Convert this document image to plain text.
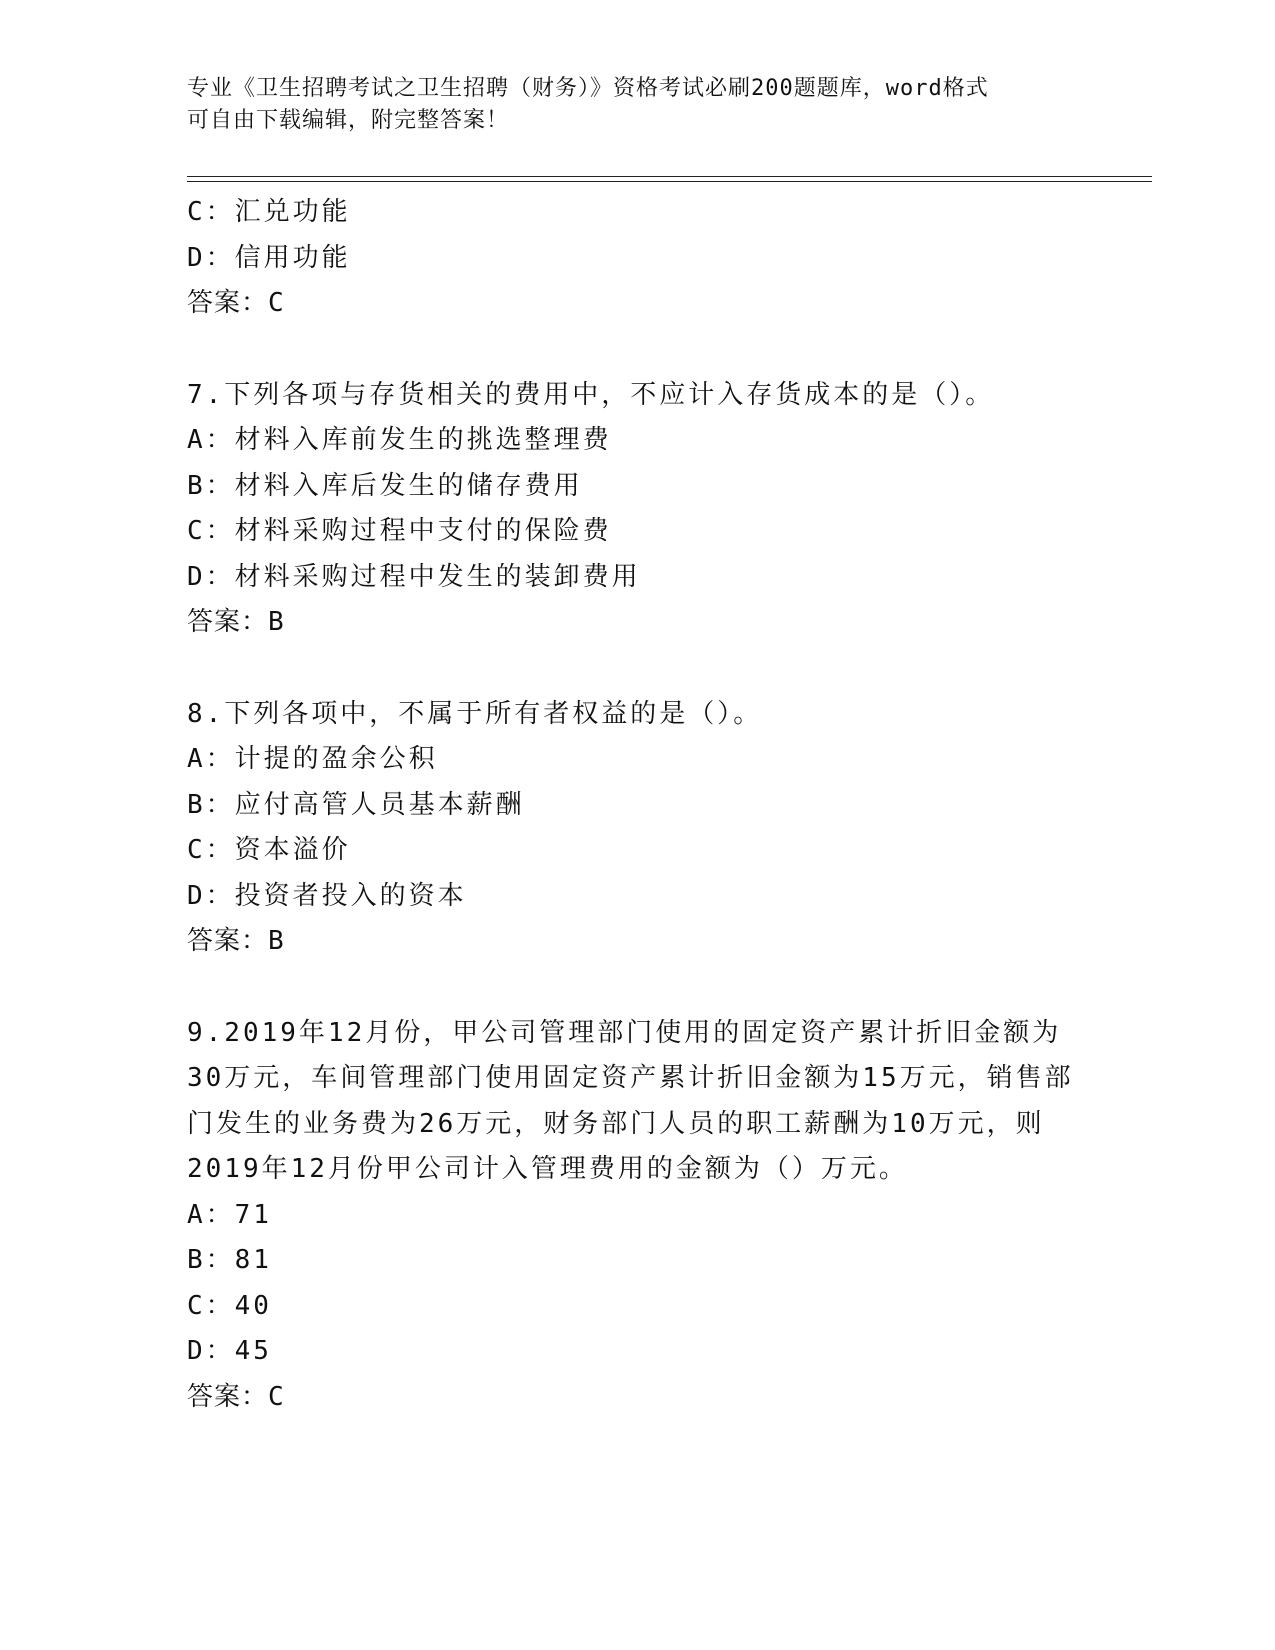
专业《卫生招聘考试之卫生招聘（财务）》资格考试必刷200题题库，word格式
可自由下载编辑，附完整答案！
C：汇兑功能
D：信用功能
答案：C
7.下列各项与存货相关的费用中，不应计入存货成本的是（）。
A：材料入库前发生的挑选整理费
B：材料入库后发生的储存费用
C：材料采购过程中支付的保险费
D：材料采购过程中发生的装卸费用
答案：B
8.下列各项中，不属于所有者权益的是（）。
A：计提的盈余公积
B：应付高管人员基本薪酬
C：资本溢价
D：投资者投入的资本
答案：B
9.2019年12月份，甲公司管理部门使用的固定资产累计折旧金额为
30万元，车间管理部门使用固定资产累计折旧金额为15万元，销售部
门发生的业务费为26万元，财务部门人员的职工薪酬为10万元，则
2019年12月份甲公司计入管理费用的金额为（）万元。
A：71
B：81
C：40
D：45
答案：C
